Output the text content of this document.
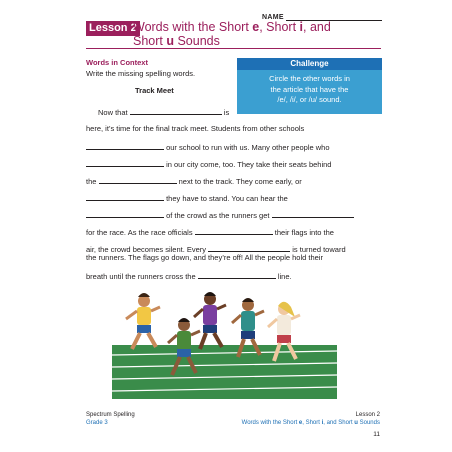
NAME
Lesson 2
Words with the Short e, Short i, and
Short u Sounds
Words in Context
Write the missing spelling words.
Track Meet
Challenge
Circle the other words in
the article that have the
/e/, /i/, or /u/ sound.
Now that	is
here, it’s time for the final track meet. Students from other schools
our school to run with us. Many other people who
in our city come, too. They take their seats behind
the	next to the track. They come early, or
they have to stand. You can hear the
of the crowd as the runners get
for the race. As the race officials	their flags into the
air, the crowd becomes silent. Every	is turned toward
the runners. The flags go down, and they’re off! All the people hold their
breath until the runners cross the	line.
Spectrum Spelling
Grade 3
Lesson 2
Words with the Short e, Short i, and Short u Sounds
11
